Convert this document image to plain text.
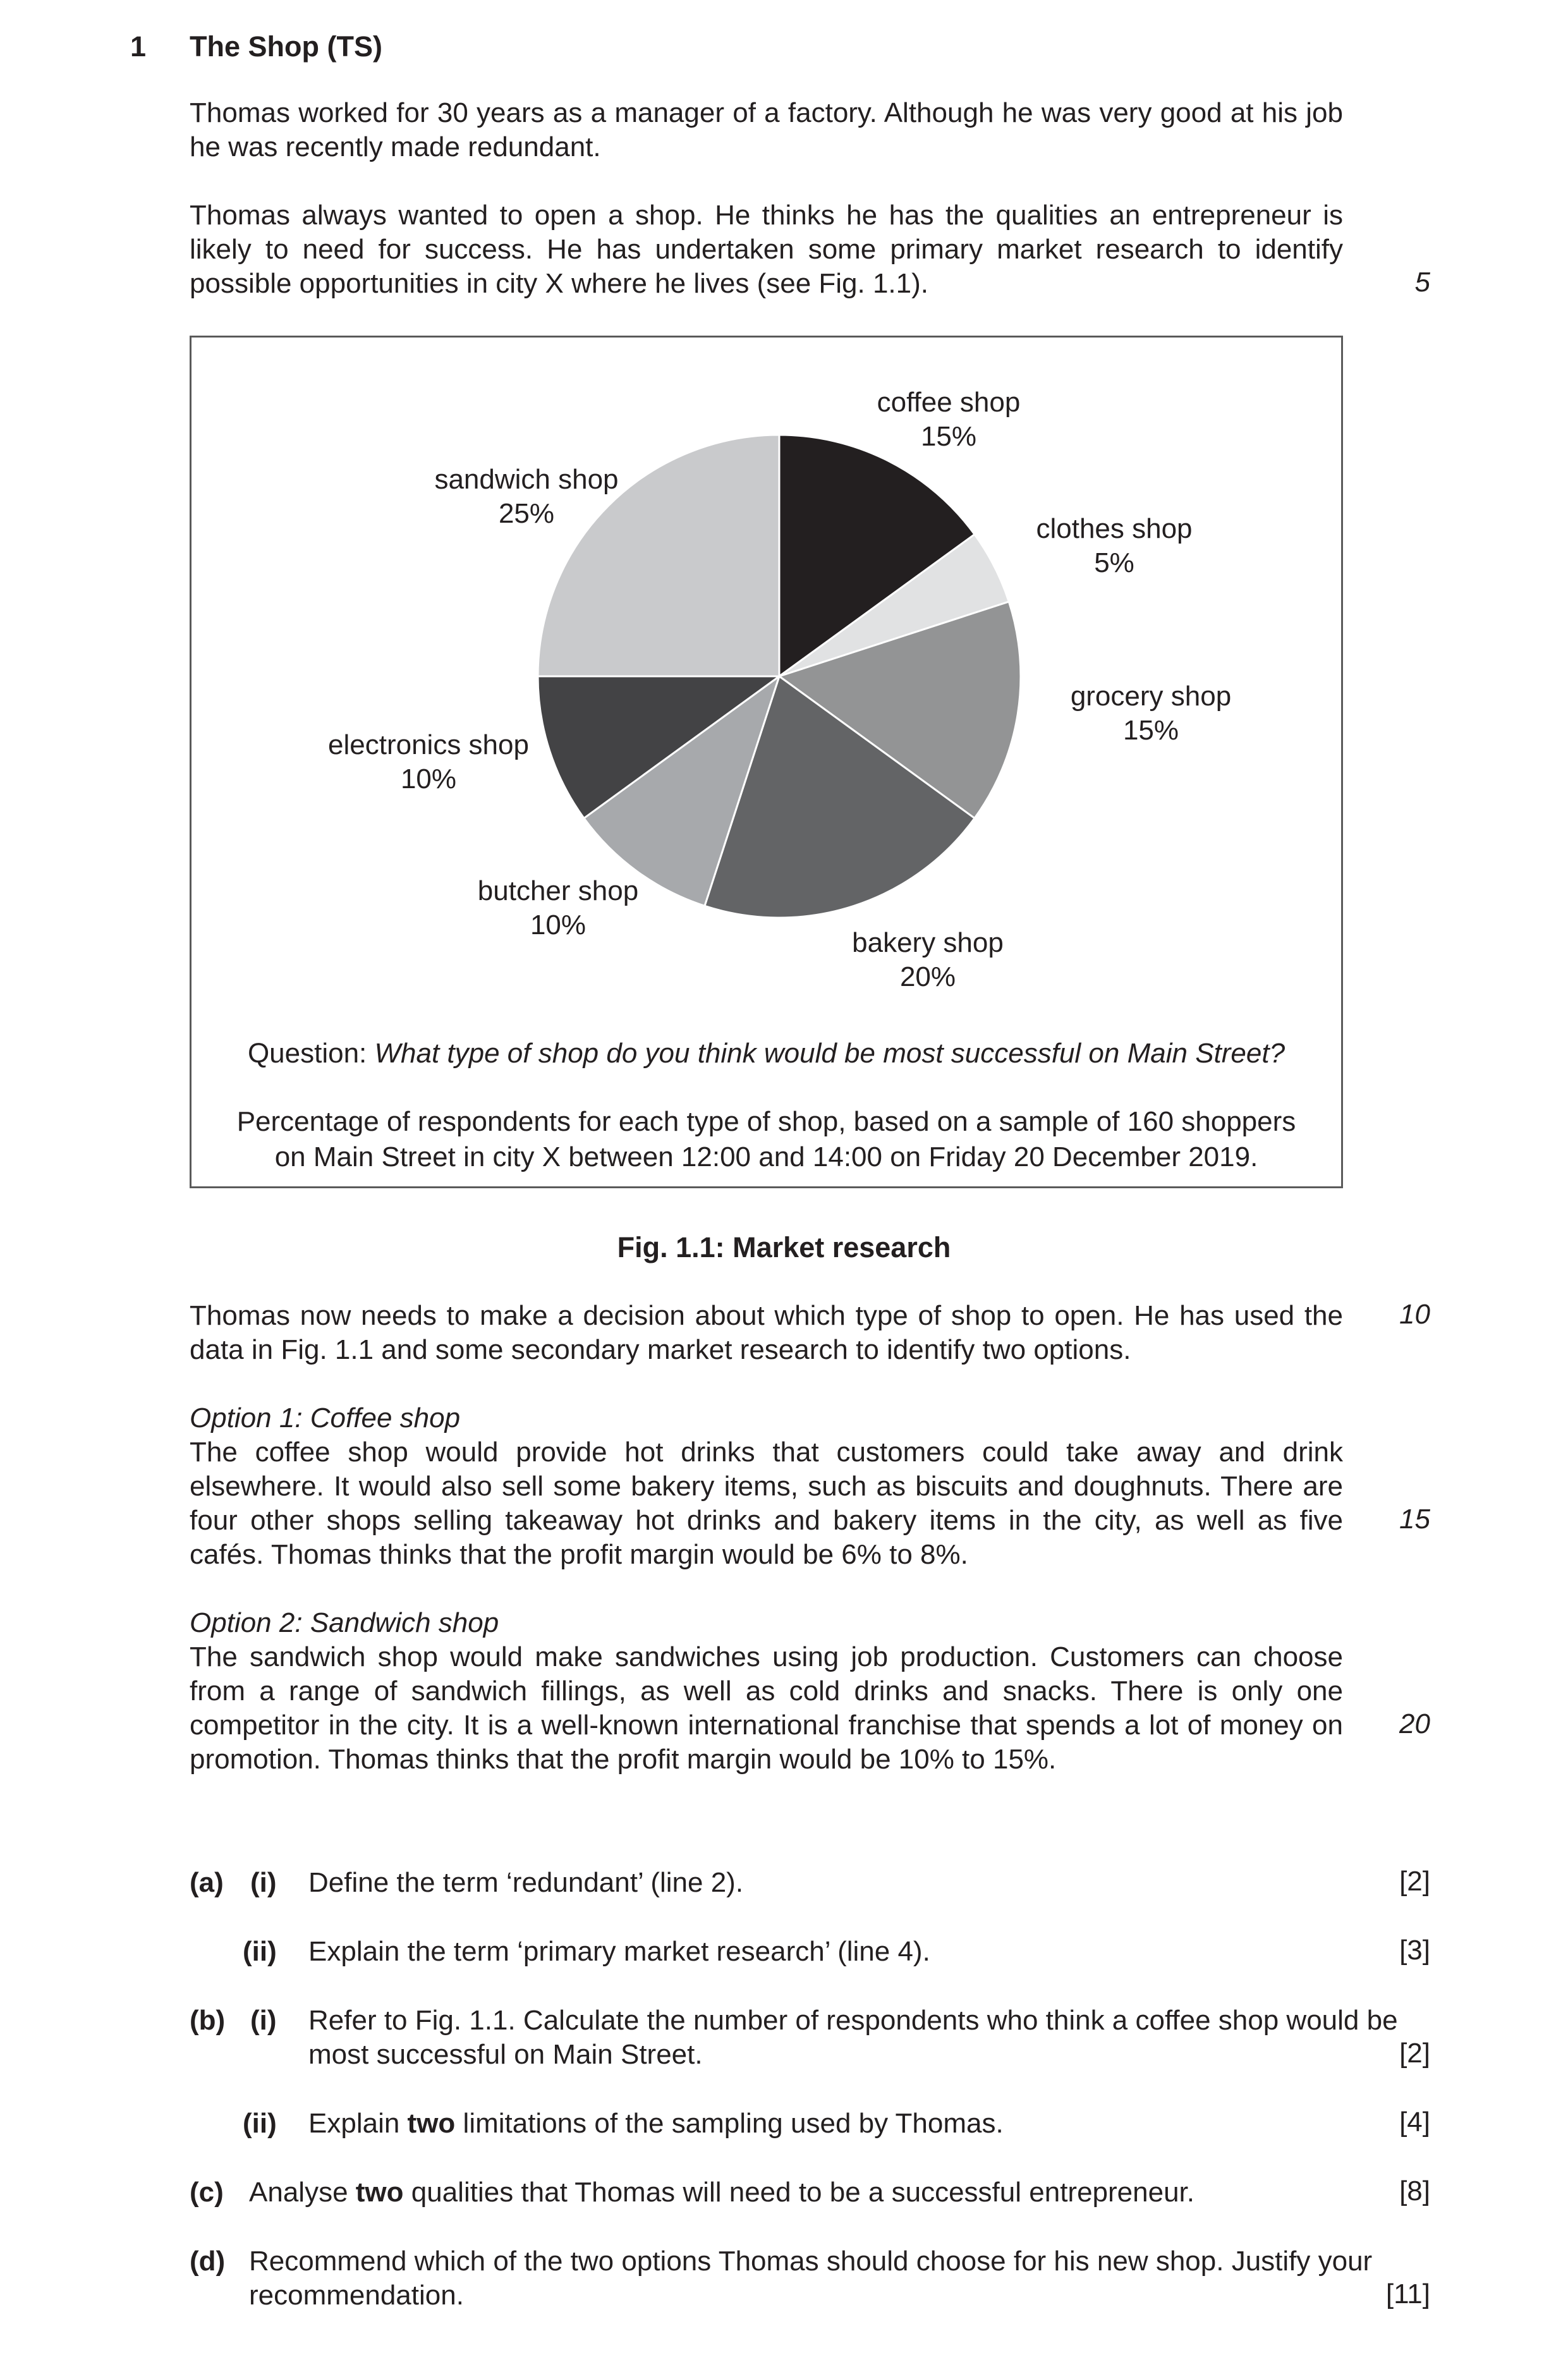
1 The Shop (TS)

Thomas worked for 30 years as a manager of a factory. Although he was very good at his job he was recently made redundant.

Thomas always wanted to open a shop. He thinks he has the qualities an entrepreneur is likely to need for success. He has undertaken some primary market research to identify possible opportunities in city X where he lives (see Fig. 1.1).	5
coffee shop
15%
clothes shop
5%
grocery shop
15%
bakery shop
20%
butcher shop
10%
electronics shop
10%
sandwich shop
25%
Question: What type of shop do you think would be most successful on Main Street?
Percentage of respondents for each type of shop, based on a sample of 160 shoppers
on Main Street in city X between 12:00 and 14:00 on Friday 20 December 2019.
Fig. 1.1: Market research

Thomas now needs to make a decision about which type of shop to open. He has used the data in Fig. 1.1 and some secondary market research to identify two options.

10

Option 1: Coffee shop

The coffee shop would provide hot drinks that customers could take away and drink elsewhere. It would also sell some bakery items, such as biscuits and doughnuts. There are four other shops selling takeaway hot drinks and bakery items in the city, as well as five cafés. Thomas thinks that the profit margin would be 6% to 8%.

15

Option 2: Sandwich shop

The sandwich shop would make sandwiches using job production. Customers can choose from a range of sandwich fillings, as well as cold drinks and snacks. There is only one competitor in the city. It is a well-known international franchise that spends a lot of money on promotion. Thomas thinks that the profit margin would be 10% to 15%.

20
(a) (i) Define the term ‘redundant’ (line 2).	[2]
(ii) Explain the term ‘primary market research’ (line 4).	[3]
(b) (i) Refer to Fig. 1.1. Calculate the number of respondents who think a coffee shop would be
most successful on Main Street.	[2]
(ii) Explain two limitations of the sampling used by Thomas.	[4]
(c) Analyse two qualities that Thomas will need to be a successful entrepreneur.	[8]
(d) Recommend which of the two options Thomas should choose for his new shop. Justify your
recommendation.	[11]
